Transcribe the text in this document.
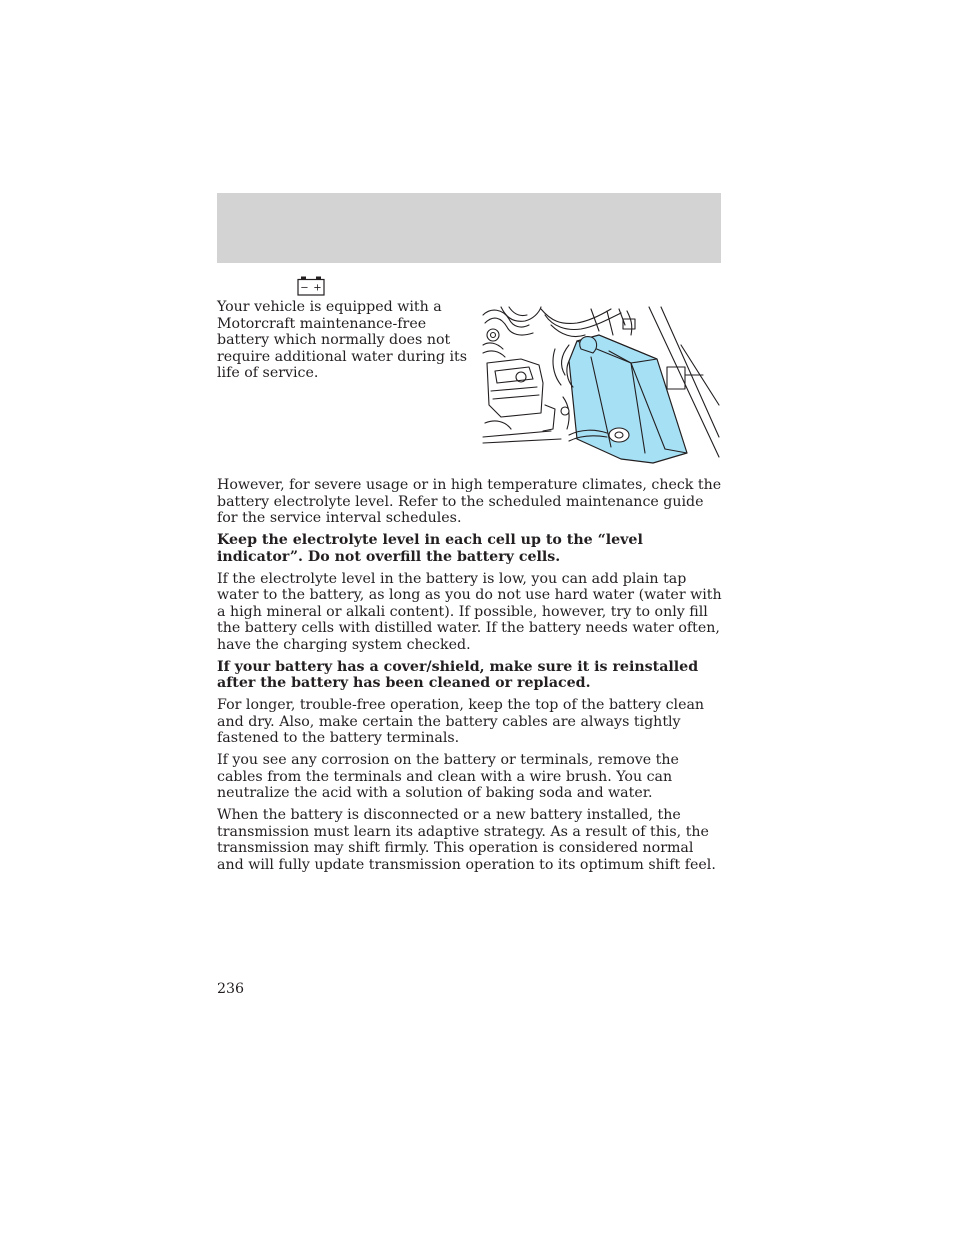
− +

Your vehicle is equipped with a Motorcraft maintenance-free battery which normally does not require additional water during its life of service.

However, for severe usage or in high temperature climates, check the battery electrolyte level. Refer to the scheduled maintenance guide for the service interval schedules.

Keep the electrolyte level in each cell up to the “level indicator”. Do not overfill the battery cells.

If the electrolyte level in the battery is low, you can add plain tap water to the battery, as long as you do not use hard water (water with a high mineral or alkali content). If possible, however, try to only fill the battery cells with distilled water. If the battery needs water often, have the charging system checked.

If your battery has a cover/shield, make sure it is reinstalled after the battery has been cleaned or replaced.

For longer, trouble-free operation, keep the top of the battery clean and dry. Also, make certain the battery cables are always tightly fastened to the battery terminals.

If you see any corrosion on the battery or terminals, remove the cables from the terminals and clean with a wire brush. You can neutralize the acid with a solution of baking soda and water.

When the battery is disconnected or a new battery installed, the transmission must learn its adaptive strategy. As a result of this, the transmission may shift firmly. This operation is considered normal and will fully update transmission operation to its optimum shift feel.

236
